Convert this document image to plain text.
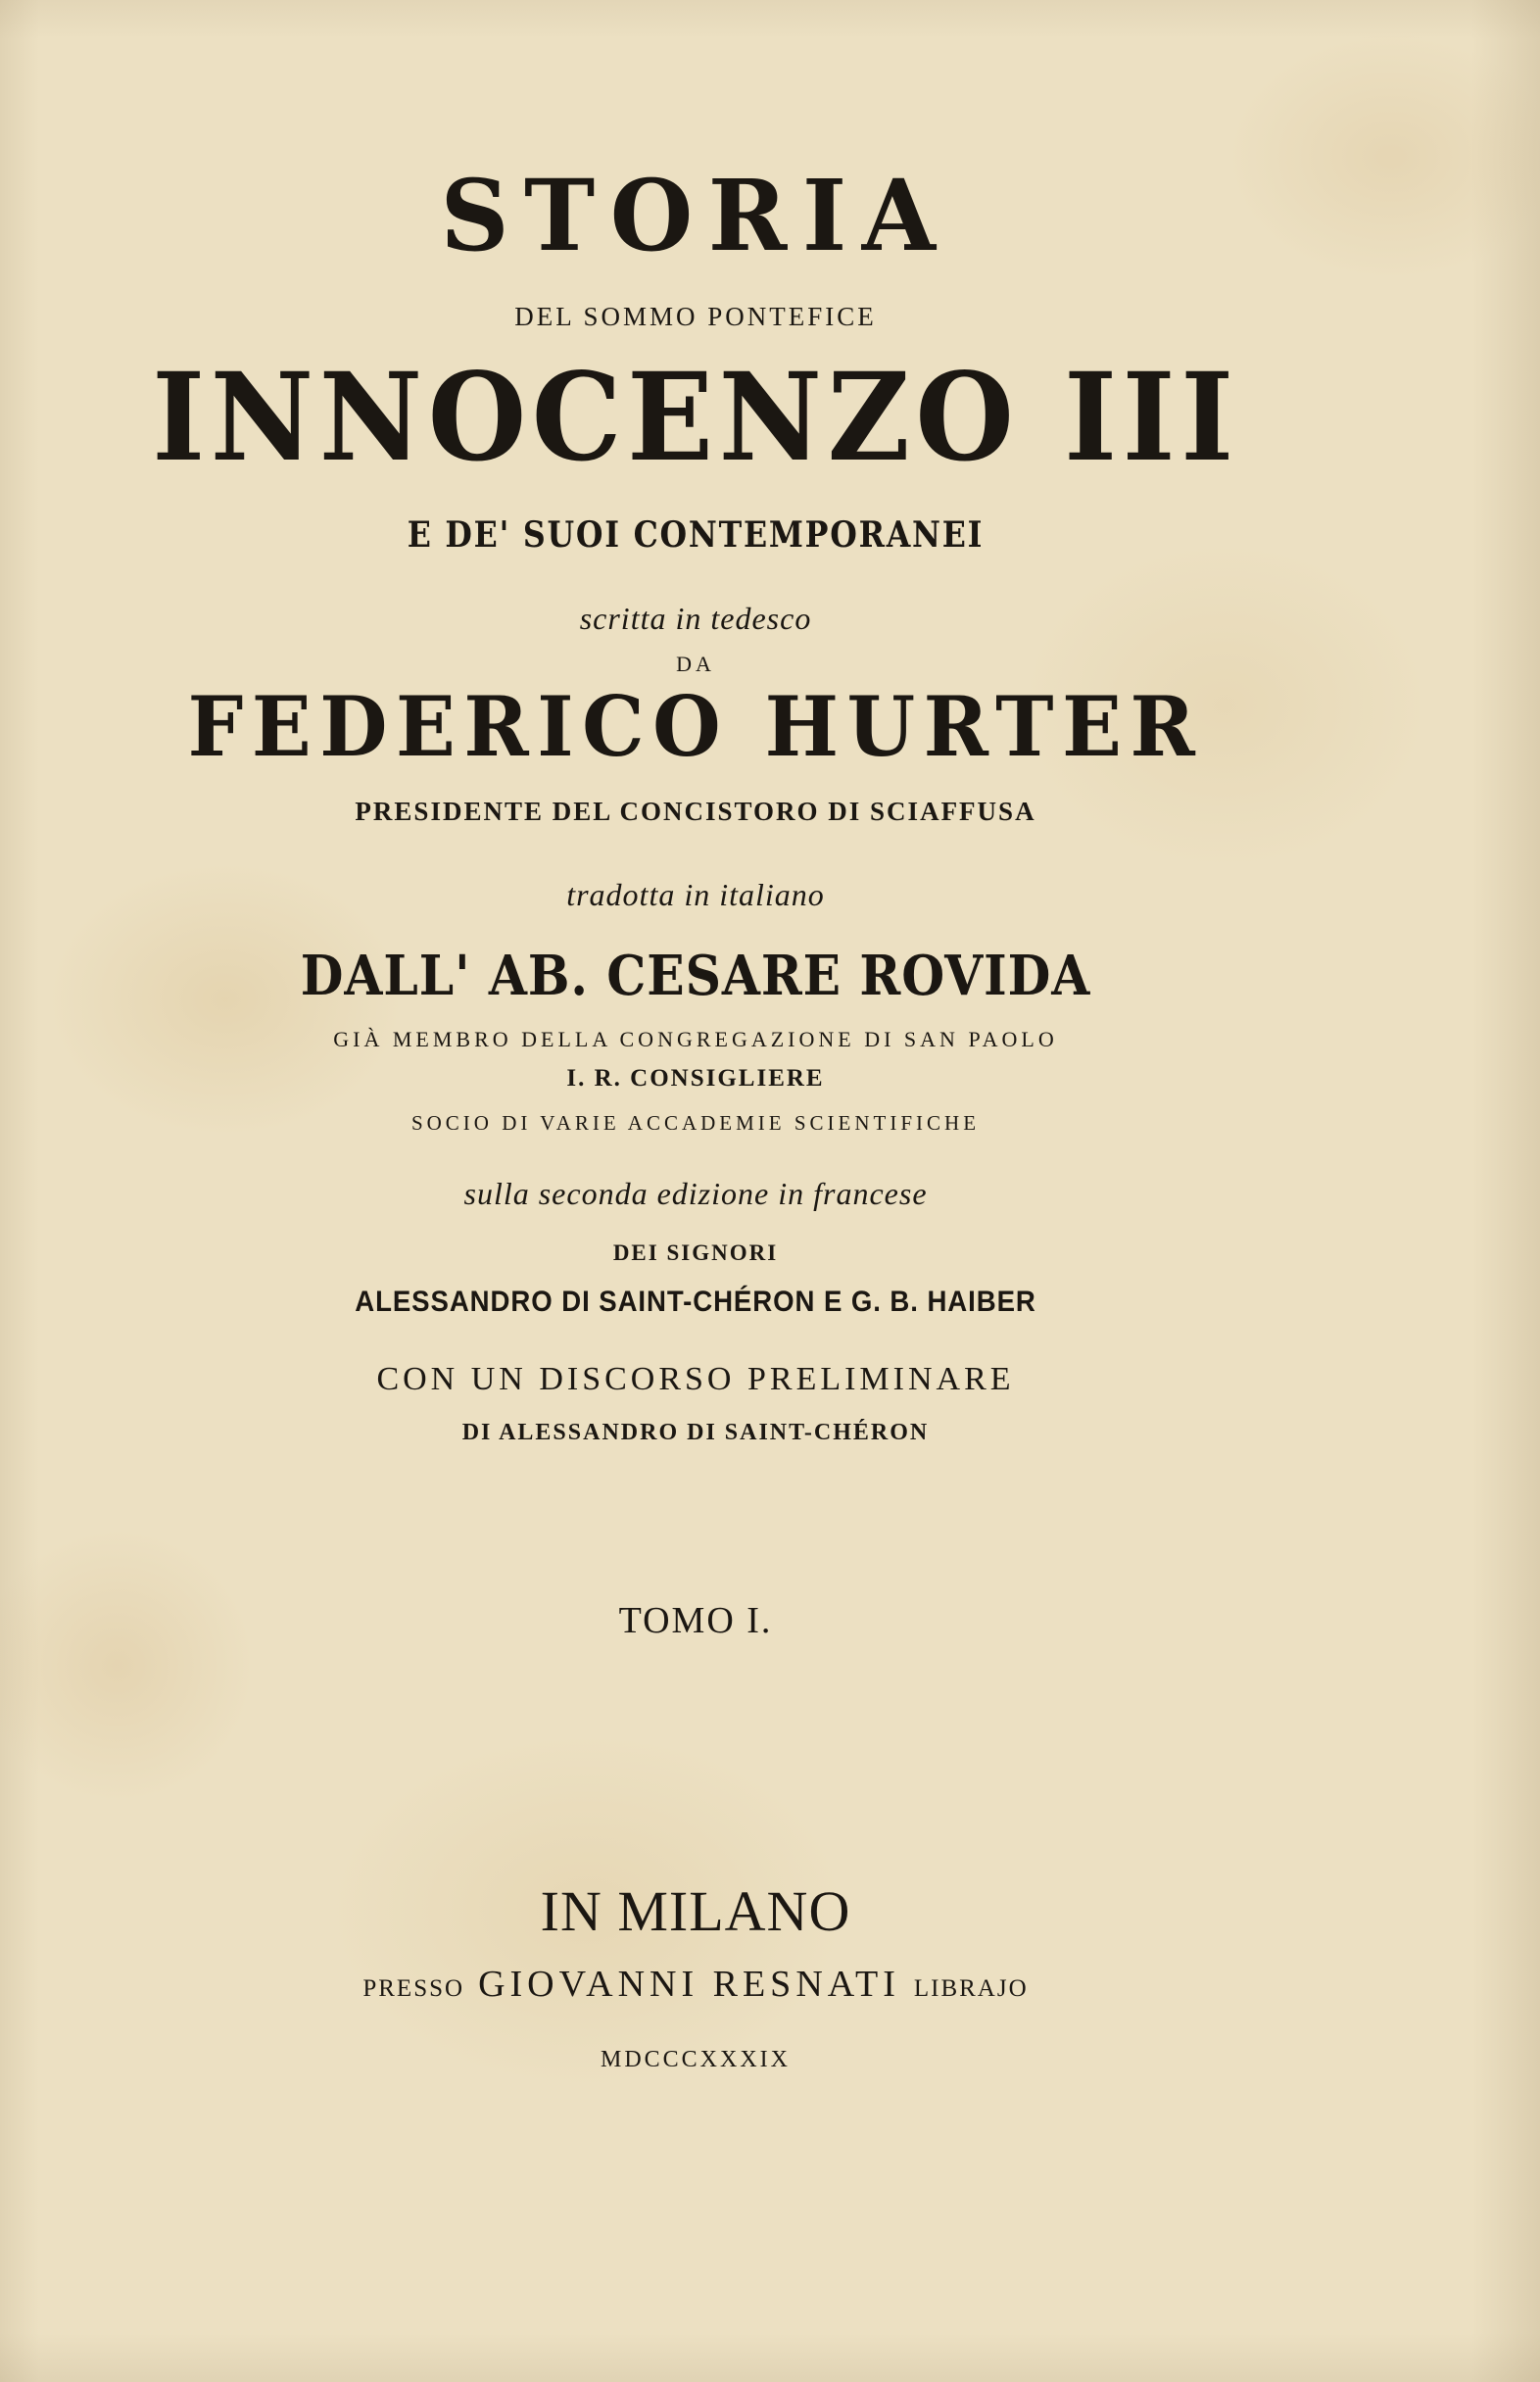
STORIA
DEL SOMMO PONTEFICE
INNOCENZO III
E DE' SUOI CONTEMPORANEI
scritta in tedesco
DA
FEDERICO HURTER
PRESIDENTE DEL CONCISTORO DI SCIAFFUSA
tradotta in italiano
DALL' AB. CESARE ROVIDA
GIÀ MEMBRO DELLA CONGREGAZIONE DI SAN PAOLO
I. R. CONSIGLIERE
SOCIO DI VARIE ACCADEMIE SCIENTIFICHE
sulla seconda edizione in francese
DEI SIGNORI
ALESSANDRO DI SAINT-CHÉRON E G. B. HAIBER
CON UN DISCORSO PRELIMINARE
DI ALESSANDRO DI SAINT-CHÉRON
TOMO I.
IN MILANO
PRESSO GIOVANNI RESNATI LIBRAJO
MDCCCXXXIX
